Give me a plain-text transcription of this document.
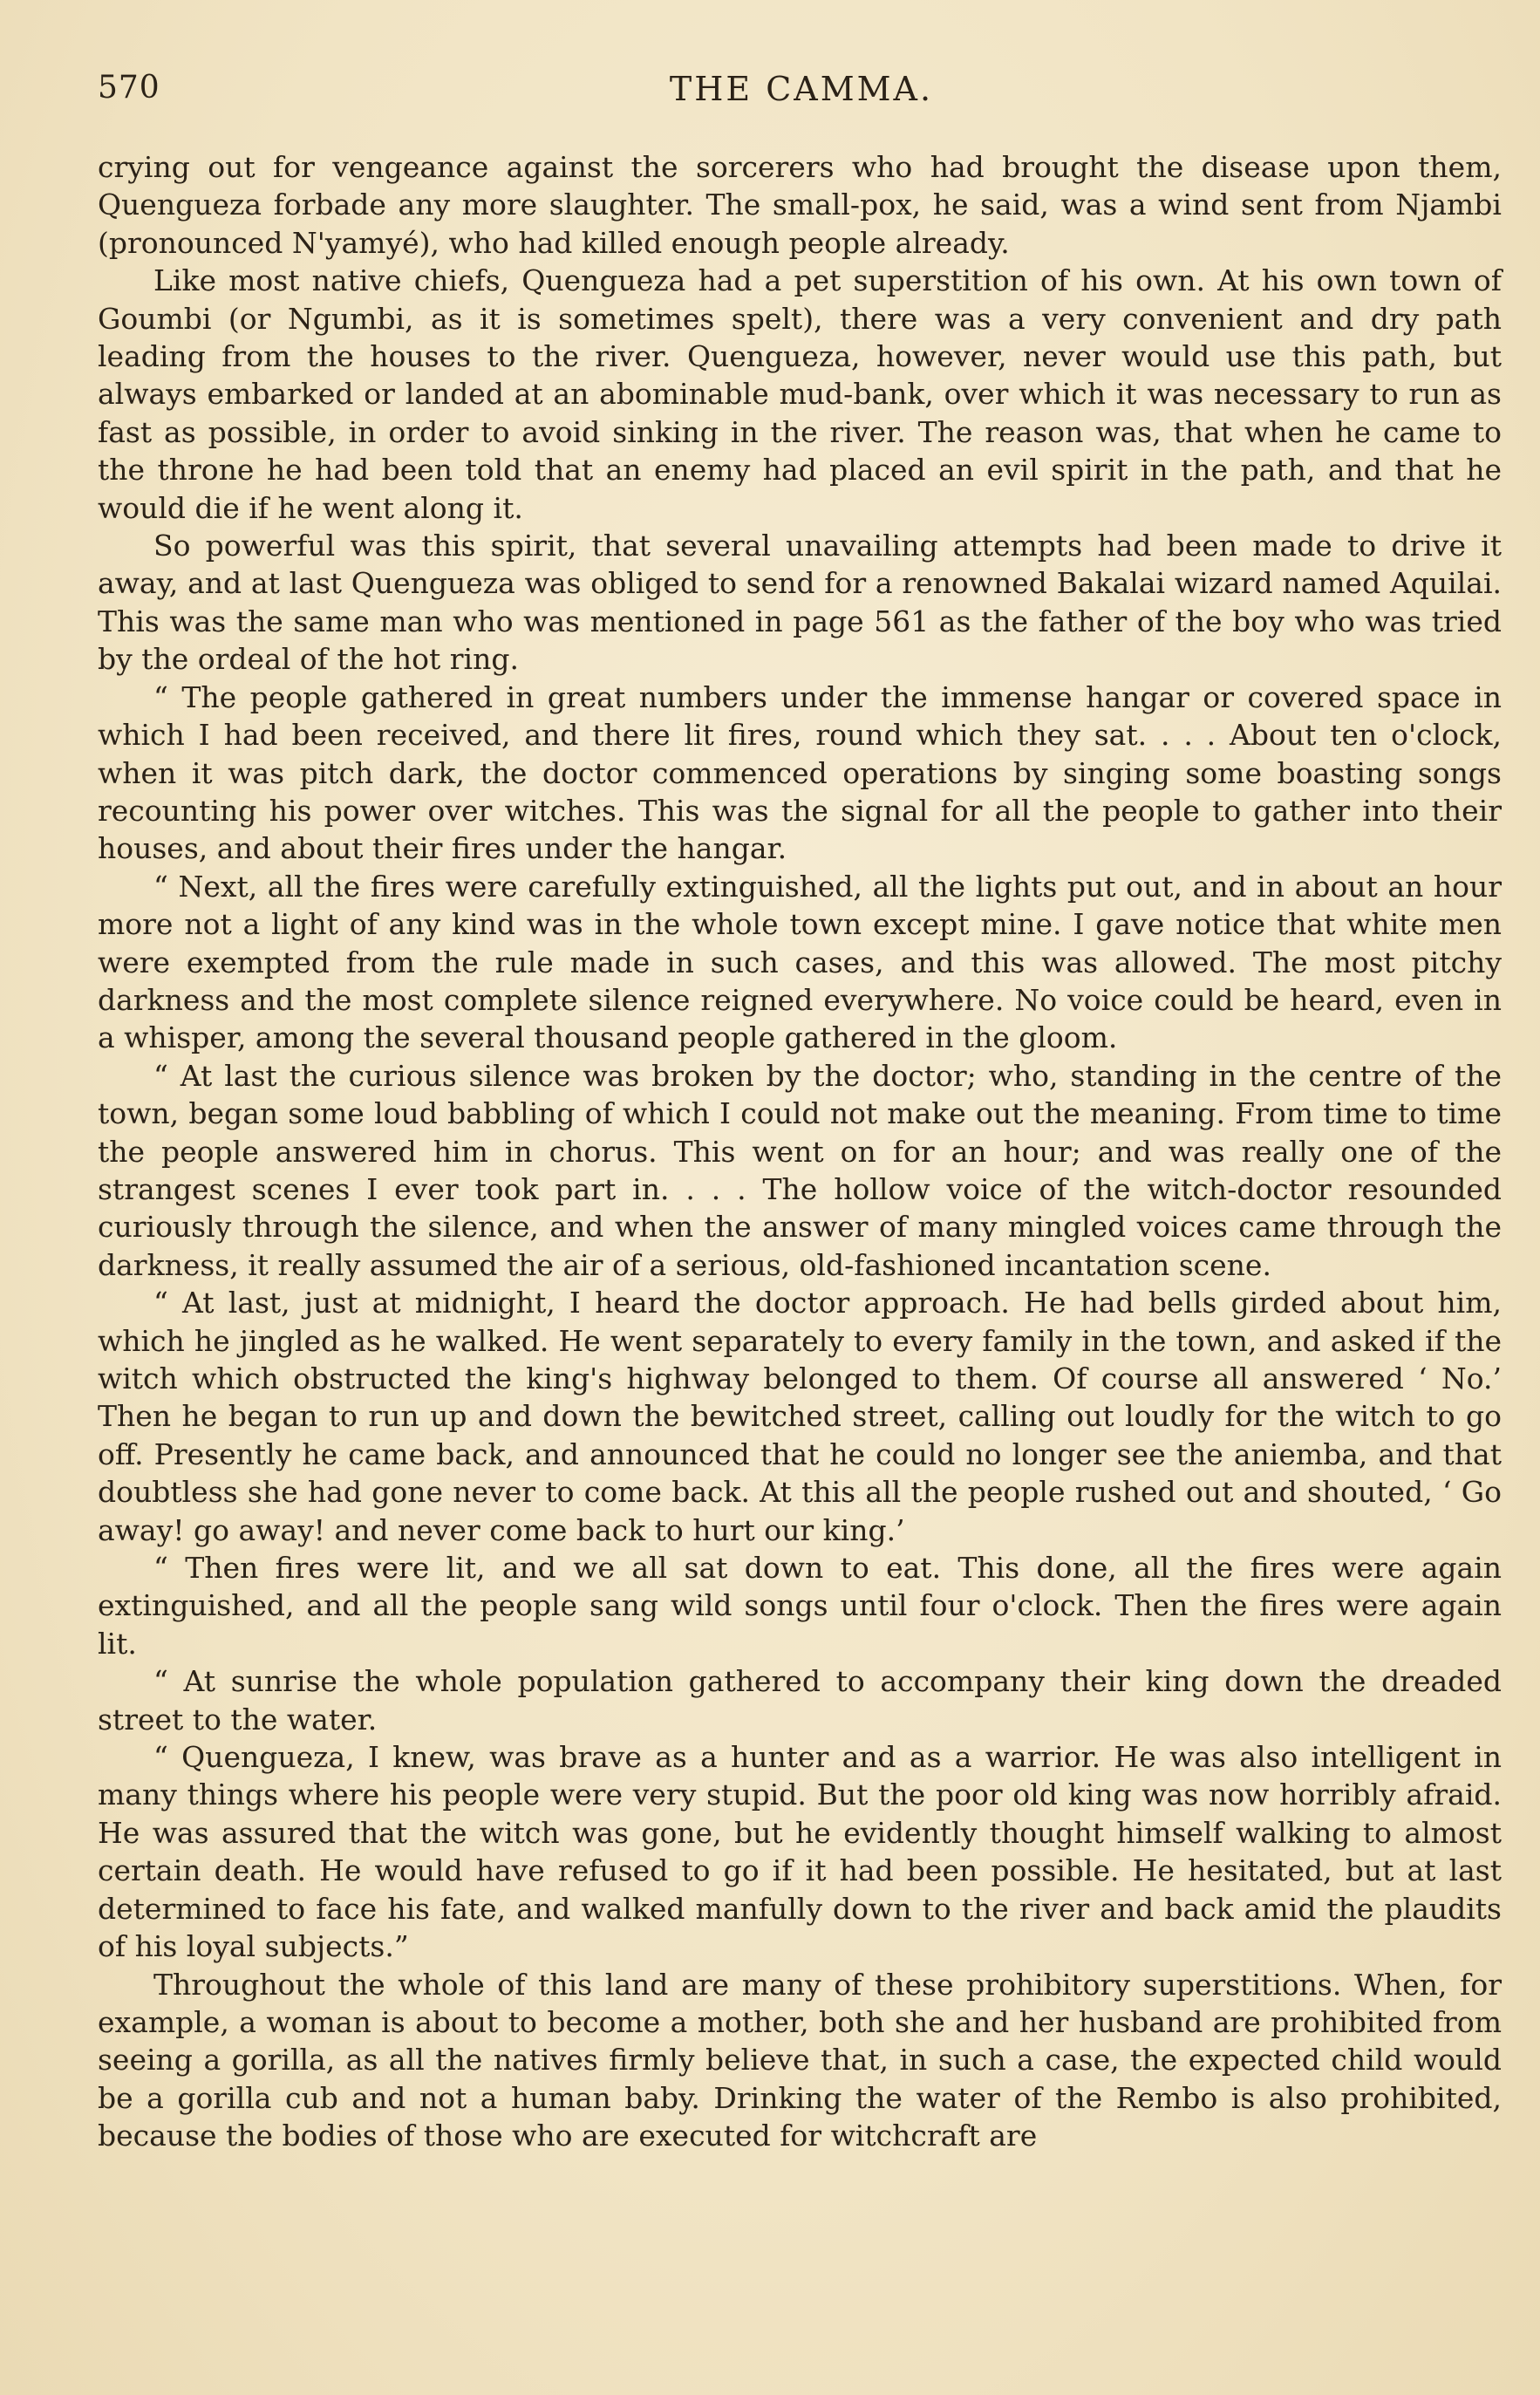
570	THE CAMMA.

crying out for vengeance against the sorcerers who had brought the disease upon them, Quengueza forbade any more slaughter. The small-pox, he said, was a wind sent from Njambi (pronounced N'yamyé), who had killed enough people already.

Like most native chiefs, Quengueza had a pet superstition of his own. At his own town of Goumbi (or Ngumbi, as it is sometimes spelt), there was a very convenient and dry path leading from the houses to the river. Quengueza, however, never would use this path, but always embarked or landed at an abominable mud-bank, over which it was necessary to run as fast as possible, in order to avoid sinking in the river. The reason was, that when he came to the throne he had been told that an enemy had placed an evil spirit in the path, and that he would die if he went along it.

So powerful was this spirit, that several unavailing attempts had been made to drive it away, and at last Quengueza was obliged to send for a renowned Bakalai wizard named Aquilai. This was the same man who was mentioned in page 561 as the father of the boy who was tried by the ordeal of the hot ring.

“ The people gathered in great numbers under the immense hangar or covered space in which I had been received, and there lit fires, round which they sat. . . . About ten o'clock, when it was pitch dark, the doctor commenced operations by singing some boasting songs recounting his power over witches. This was the signal for all the people to gather into their houses, and about their fires under the hangar.

“ Next, all the fires were carefully extinguished, all the lights put out, and in about an hour more not a light of any kind was in the whole town except mine. I gave notice that white men were exempted from the rule made in such cases, and this was allowed. The most pitchy darkness and the most complete silence reigned everywhere. No voice could be heard, even in a whisper, among the several thousand people gathered in the gloom.

“ At last the curious silence was broken by the doctor; who, standing in the centre of the town, began some loud babbling of which I could not make out the meaning. From time to time the people answered him in chorus. This went on for an hour; and was really one of the strangest scenes I ever took part in. . . . The hollow voice of the witch-doctor resounded curiously through the silence, and when the answer of many mingled voices came through the darkness, it really assumed the air of a serious, old-fashioned incantation scene.

“ At last, just at midnight, I heard the doctor approach. He had bells girded about him, which he jingled as he walked. He went separately to every family in the town, and asked if the witch which obstructed the king's highway belonged to them. Of course all answered ‘ No.’ Then he began to run up and down the bewitched street, calling out loudly for the witch to go off. Presently he came back, and announced that he could no longer see the aniemba, and that doubtless she had gone never to come back. At this all the people rushed out and shouted, ‘ Go away! go away! and never come back to hurt our king.’

“ Then fires were lit, and we all sat down to eat. This done, all the fires were again extinguished, and all the people sang wild songs until four o'clock. Then the fires were again lit.

“ At sunrise the whole population gathered to accompany their king down the dreaded street to the water.

“ Quengueza, I knew, was brave as a hunter and as a warrior. He was also intelligent in many things where his people were very stupid. But the poor old king was now horribly afraid. He was assured that the witch was gone, but he evidently thought himself walking to almost certain death. He would have refused to go if it had been possible. He hesitated, but at last determined to face his fate, and walked manfully down to the river and back amid the plaudits of his loyal subjects.”

Throughout the whole of this land are many of these prohibitory superstitions. When, for example, a woman is about to become a mother, both she and her husband are prohibited from seeing a gorilla, as all the natives firmly believe that, in such a case, the expected child would be a gorilla cub and not a human baby. Drinking the water of the Rembo is also prohibited, because the bodies of those who are executed for witchcraft are
